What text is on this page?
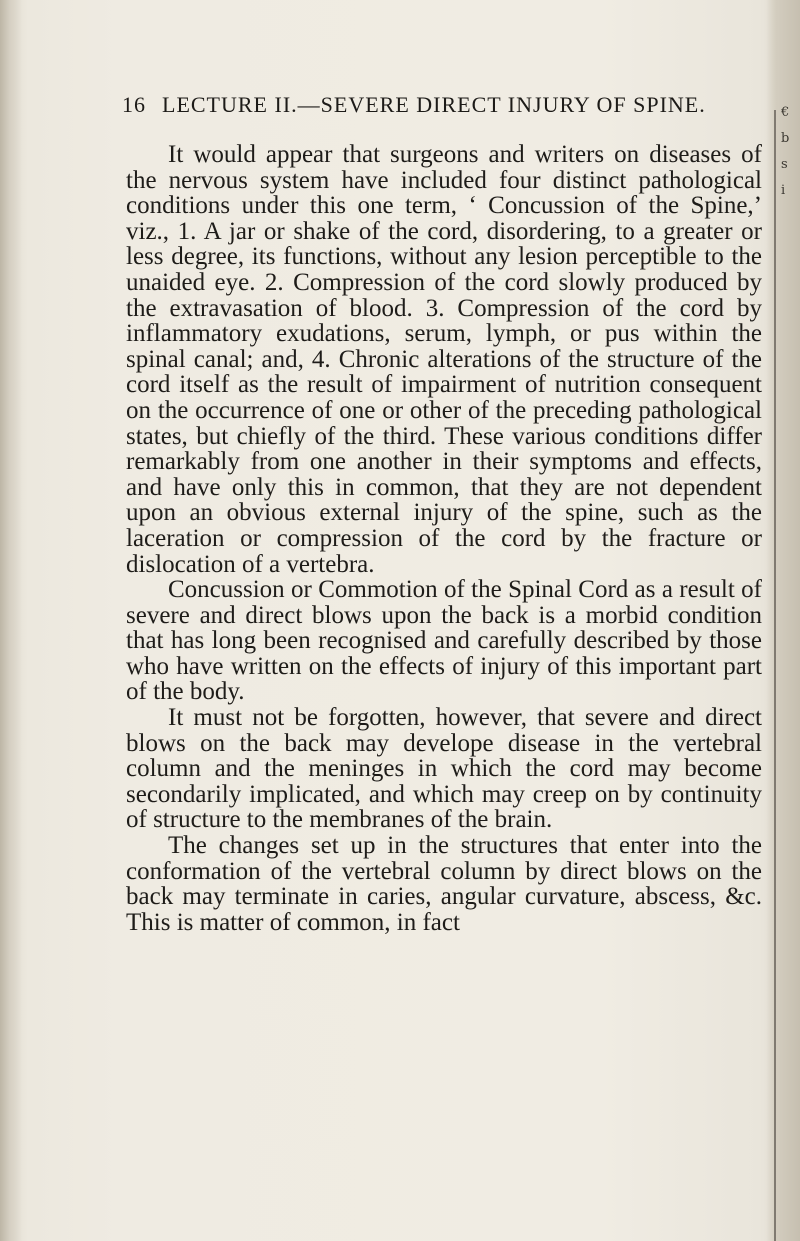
16 LECTURE II.—SEVERE DIRECT INJURY OF SPINE.

It would appear that surgeons and writers on diseases of the nervous system have included four distinct pathological conditions under this one term, ‘ Concussion of the Spine,’ viz., 1. A jar or shake of the cord, disordering, to a greater or less degree, its functions, without any lesion perceptible to the unaided eye. 2. Compression of the cord slowly produced by the extravasation of blood. 3. Compression of the cord by inflammatory exudations, serum, lymph, or pus within the spinal canal; and, 4. Chronic alterations of the structure of the cord itself as the result of impairment of nutrition consequent on the occurrence of one or other of the preceding pathological states, but chiefly of the third. These various conditions differ remarkably from one another in their symptoms and effects, and have only this in common, that they are not dependent upon an obvious external injury of the spine, such as the laceration or compression of the cord by the fracture or dislocation of a vertebra.

Concussion or Commotion of the Spinal Cord as a result of severe and direct blows upon the back is a morbid condition that has long been recognised and carefully described by those who have written on the effects of injury of this important part of the body.

It must not be forgotten, however, that severe and direct blows on the back may develope disease in the vertebral column and the meninges in which the cord may become secondarily implicated, and which may creep on by continuity of structure to the membranes of the brain.

The changes set up in the structures that enter into the conformation of the vertebral column by direct blows on the back may terminate in caries, angular curvature, abscess, &c. This is matter of common, in fact

€
b
s
i
